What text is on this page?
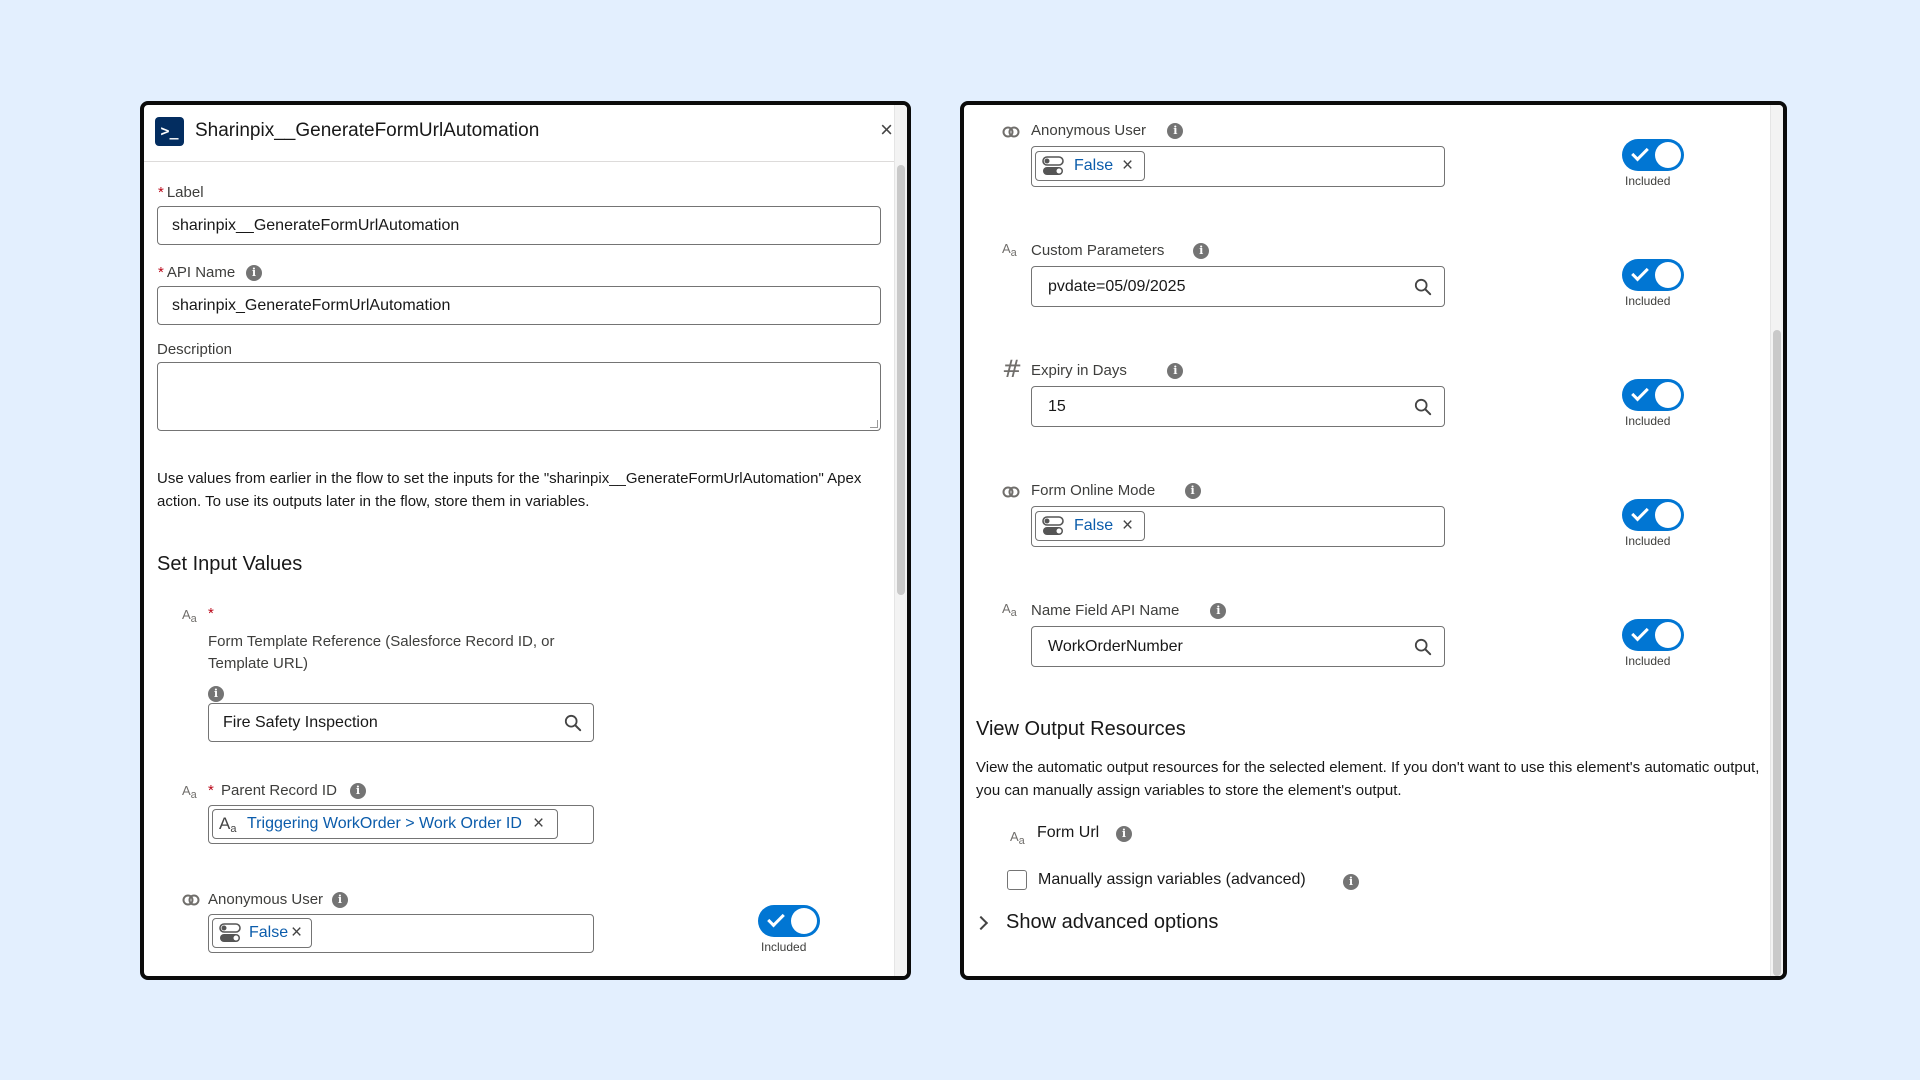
>_ Sharinpix__GenerateFormUrlAutomation	×
* Label
sharinpix__GenerateFormUrlAutomation
* API Name	i
sharinpix_GenerateFormUrlAutomation
Description
Use values from earlier in the flow to set the inputs for the "sharinpix__GenerateFormUrlAutomation" Apex action. To use its outputs later in the flow, store them in variables.
Set Input Values
$A_a$ *
Form Template Reference (Salesforce Record ID, or Template URL)
i
Fire Safety Inspection
$A_a$ * Parent Record ID	i
$A_a$ Triggering WorkOrder > Work Order ID ×
Anonymous User	i
False ×
Included
Anonymous User	i
False ×
Included
$A_a$ Custom Parameters	i
pvdate=05/09/2025
Included
# Expiry in Days	i
15
Included
Form Online Mode	i
False ×
Included
$A_a$ Name Field API Name	i
WorkOrderNumber
Included
View Output Resources
View the automatic output resources for the selected element. If you don't want to use this element's automatic output, you can manually assign variables to store the element's output.
$A_a$ Form Url	i
Manually assign variables (advanced)	i
Show advanced options
